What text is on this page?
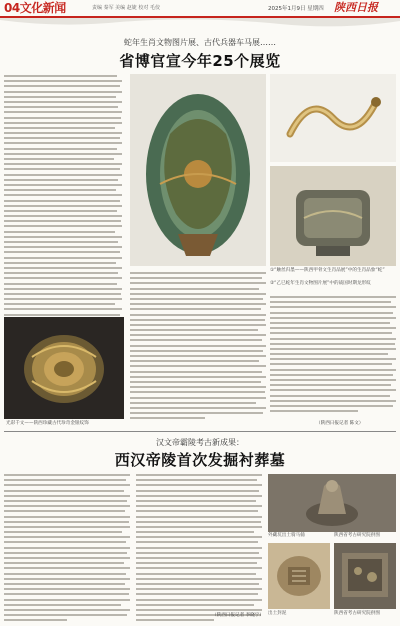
04文化新闻	责编 秦军 美编 赵婕 校对 毛佼	2025年1月9日 星期四 陕西日报
蛇年生肖文物图片展、古代兵器车马展……
省博官宣今年25个展览
光彩千文——陕西珍藏古代珍奇金银纹饰
①“触丝归墨——陕西甲骨文生肖品展”中的生肖品象“蛇”
②“乙巳蛇年生肖文物图片展”中的战国时期龙形纹
（陕西日报记者 陈文）
汉文帝霸陵考古新成果：
西汉帝陵首次发掘衬葬墓
（陕西日报记者 李晓宁）
外藏坑出土骑马俑	陕西省考古研究院供图
出土封泥	陕西省考古研究院供图
